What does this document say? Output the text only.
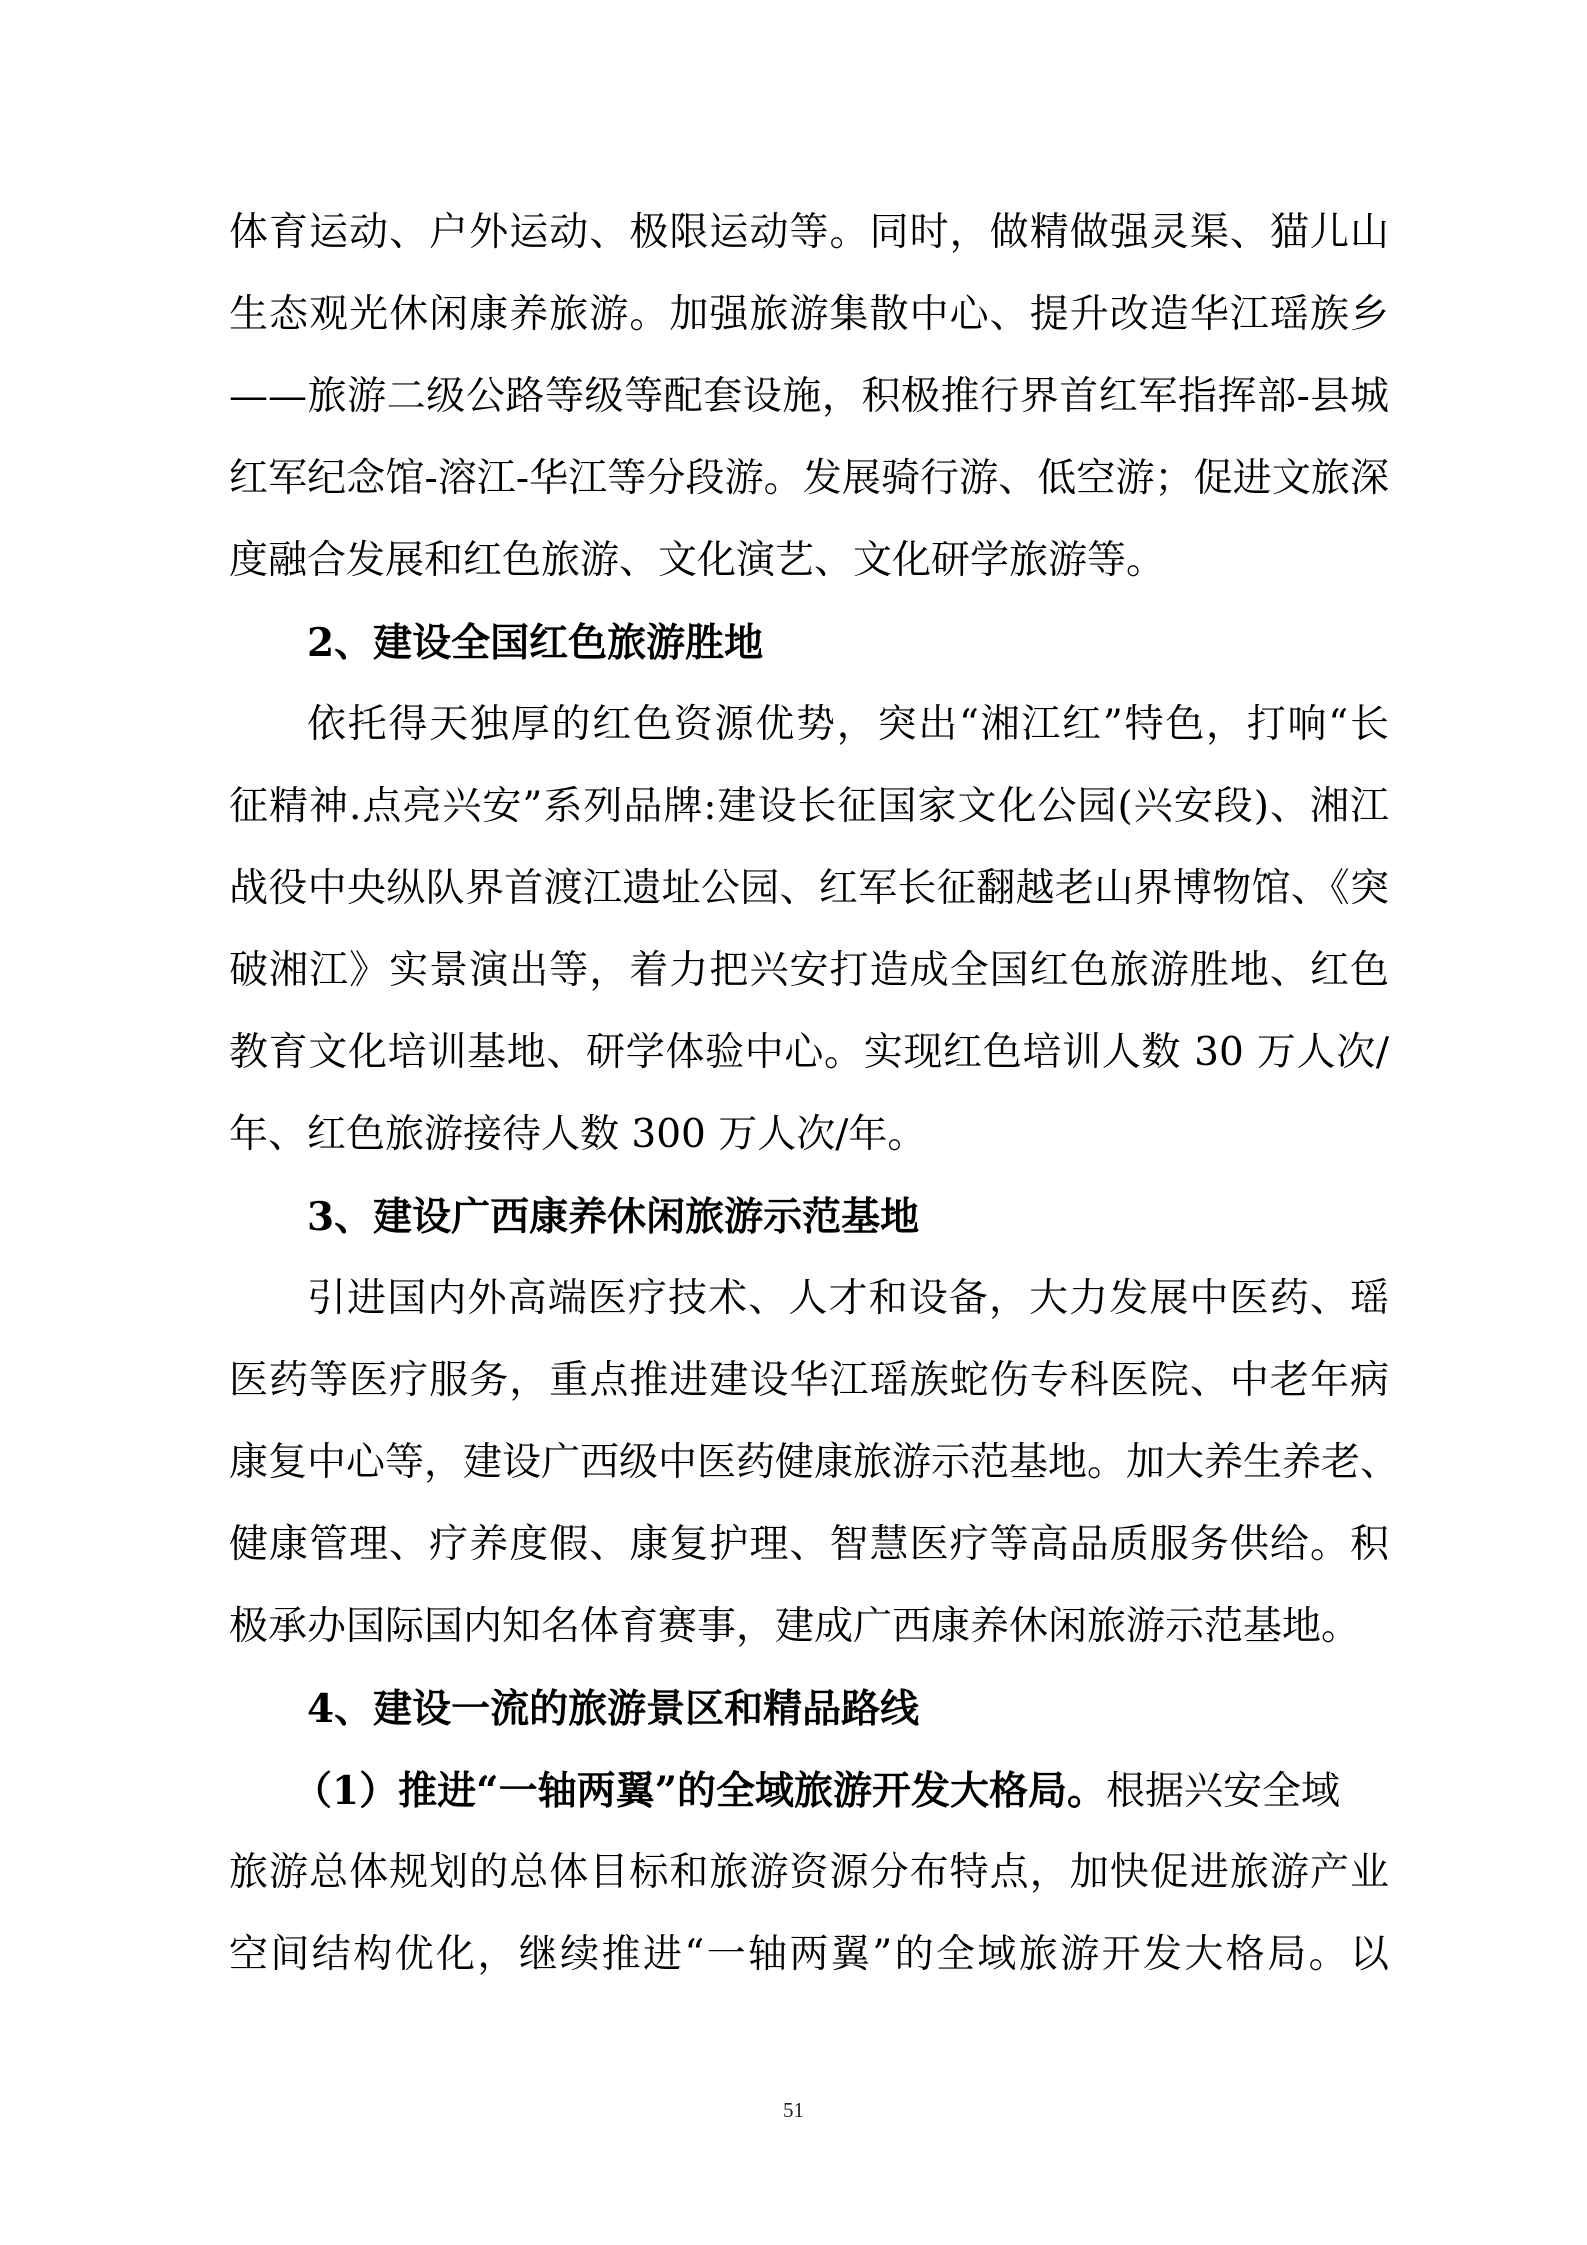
体育运动、户外运动、极限运动等。同时，做精做强灵渠、猫儿山
生态观光休闲康养旅游。加强旅游集散中心、提升改造华江瑶族乡
——旅游二级公路等级等配套设施，积极推行界首红军指挥部-县城
红军纪念馆-溶江-华江等分段游。发展骑行游、低空游；促进文旅深
度融合发展和红色旅游、文化演艺、文化研学旅游等。
2、建设全国红色旅游胜地
依托得天独厚的红色资源优势，突出“湘江红”特色，打响“长
征精神.点亮兴安”系列品牌:建设长征国家文化公园(兴安段)、湘江
战役中央纵队界首渡江遗址公园、红军长征翻越老山界博物馆、《突
破湘江》实景演出等，着力把兴安打造成全国红色旅游胜地、红色
教育文化培训基地、研学体验中心。实现红色培训人数 30 万人次/
年、红色旅游接待人数 300 万人次/年。
3、建设广西康养休闲旅游示范基地
引进国内外高端医疗技术、人才和设备，大力发展中医药、瑶
医药等医疗服务，重点推进建设华江瑶族蛇伤专科医院、中老年病
康复中心等，建设广西级中医药健康旅游示范基地。加大养生养老、
健康管理、疗养度假、康复护理、智慧医疗等高品质服务供给。积
极承办国际国内知名体育赛事，建成广西康养休闲旅游示范基地。
4、建设一流的旅游景区和精品路线
（1）推进“一轴两翼”的全域旅游开发大格局。根据兴安全域
旅游总体规划的总体目标和旅游资源分布特点，加快促进旅游产业
空间结构优化，继续推进“一轴两翼”的全域旅游开发大格局。以
51
